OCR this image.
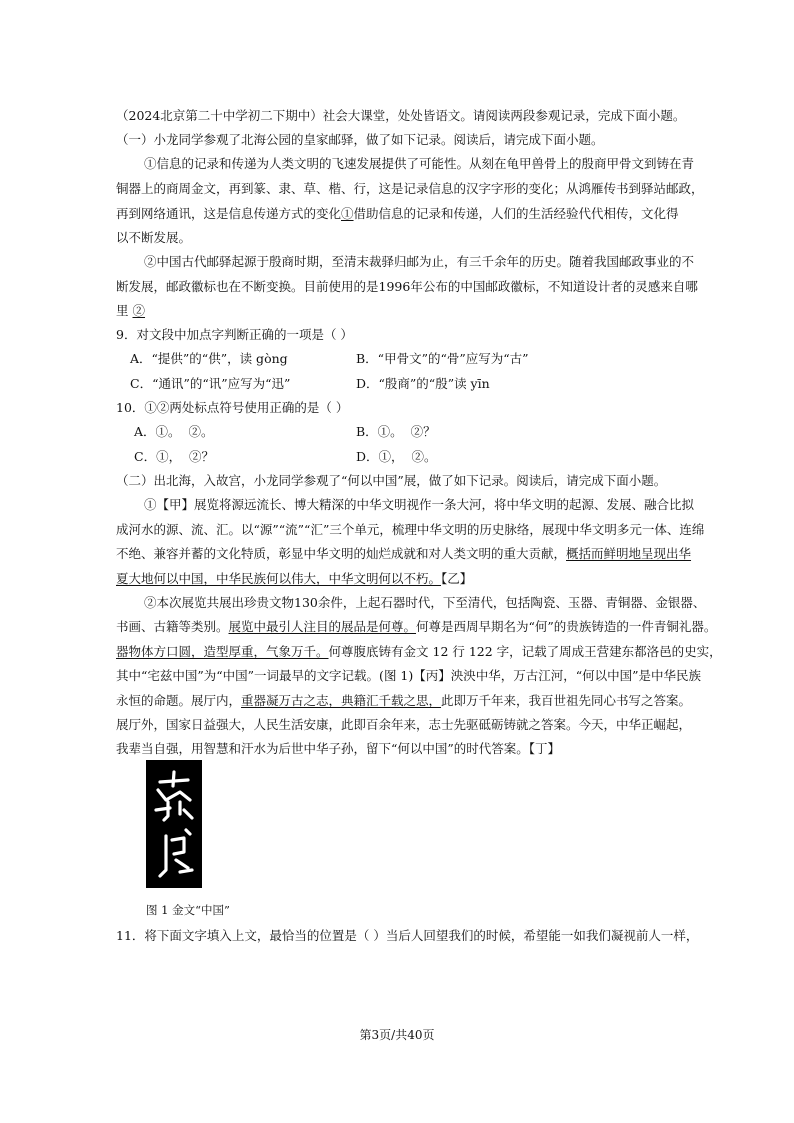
（2024北京第二十中学初二下期中）社会大课堂，处处皆语文。请阅读两段参观记录，完成下面小题。
（一）小龙同学参观了北海公园的皇家邮驿，做了如下记录。阅读后，请完成下面小题。
①信息的记录和传递为人类文明的飞速发展提供了可能性。从刻在龟甲兽骨上的殷商甲骨文到铸在青
铜器上的商周金文，再到篆、隶、草、楷、行，这是记录信息的汉字字形的变化；从鸿雁传书到驿站邮政，
再到网络通讯，这是信息传递方式的变化①借助信息的记录和传递，人们的生活经验代代相传，文化得
以不断发展。
②中国古代邮驿起源于殷商时期，至清末裁驿归邮为止，有三千余年的历史。随着我国邮政事业的不
断发展，邮政徽标也在不断变换。目前使用的是1996年公布的中国邮政徽标，不知道设计者的灵感来自哪
里 ②
9．对文段中加点字判断正确的一项是（ ）
A．“提供”的“供”，读 gòng	B．“甲骨文”的“骨”应写为“古”
C．“通讯”的“讯”应写为“迅”	D．“殷商”的“殷”读 yīn
10．①②两处标点符号使用正确的是（ ）
A．①。  ②。	B．①。  ②？
C．①，  ②？	D．①，  ②。
（二）出北海，入故宫，小龙同学参观了“何以中国”展，做了如下记录。阅读后，请完成下面小题。
①【甲】展览将源远流长、博大精深的中华文明视作一条大河，将中华文明的起源、发展、融合比拟
成河水的源、流、汇。以“源”“流”“汇”三个单元，梳理中华文明的历史脉络，展现中华文明多元一体、连绵
不绝、兼容并蓄的文化特质，彰显中华文明的灿烂成就和对人类文明的重大贡献，概括而鲜明地呈现出华
夏大地何以中国，中华民族何以伟大，中华文明何以不朽。【乙】
②本次展览共展出珍贵文物130余件，上起石器时代，下至清代，包括陶瓷、玉器、青铜器、金银器、
书画、古籍等类别。展览中最引人注目的展品是何尊。何尊是西周早期名为“何”的贵族铸造的一件青铜礼器。
器物体方口圆，造型厚重，气象万千。何尊腹底铸有金文 12 行 122 字，记载了周成王营建东都洛邑的史实，
其中“宅兹中国”为“中国”一词最早的文字记载。(图 1)【丙】泱泱中华，万古江河，“何以中国”是中华民族
永恒的命题。展厅内，重器凝万古之志，典籍汇千载之思，此即万千年来，我百世祖先同心书写之答案。
展厅外，国家日益强大，人民生活安康，此即百余年来，志士先驱砥砺铸就之答案。今天，中华正崛起，
我辈当自强，用智慧和汗水为后世中华子孙，留下“何以中国”的时代答案。【丁】
图 1 金文“中国”
11．将下面文字填入上文，最恰当的位置是（ ）当后人回望我们的时候，希望能一如我们凝视前人一样，
第3页/共40页
